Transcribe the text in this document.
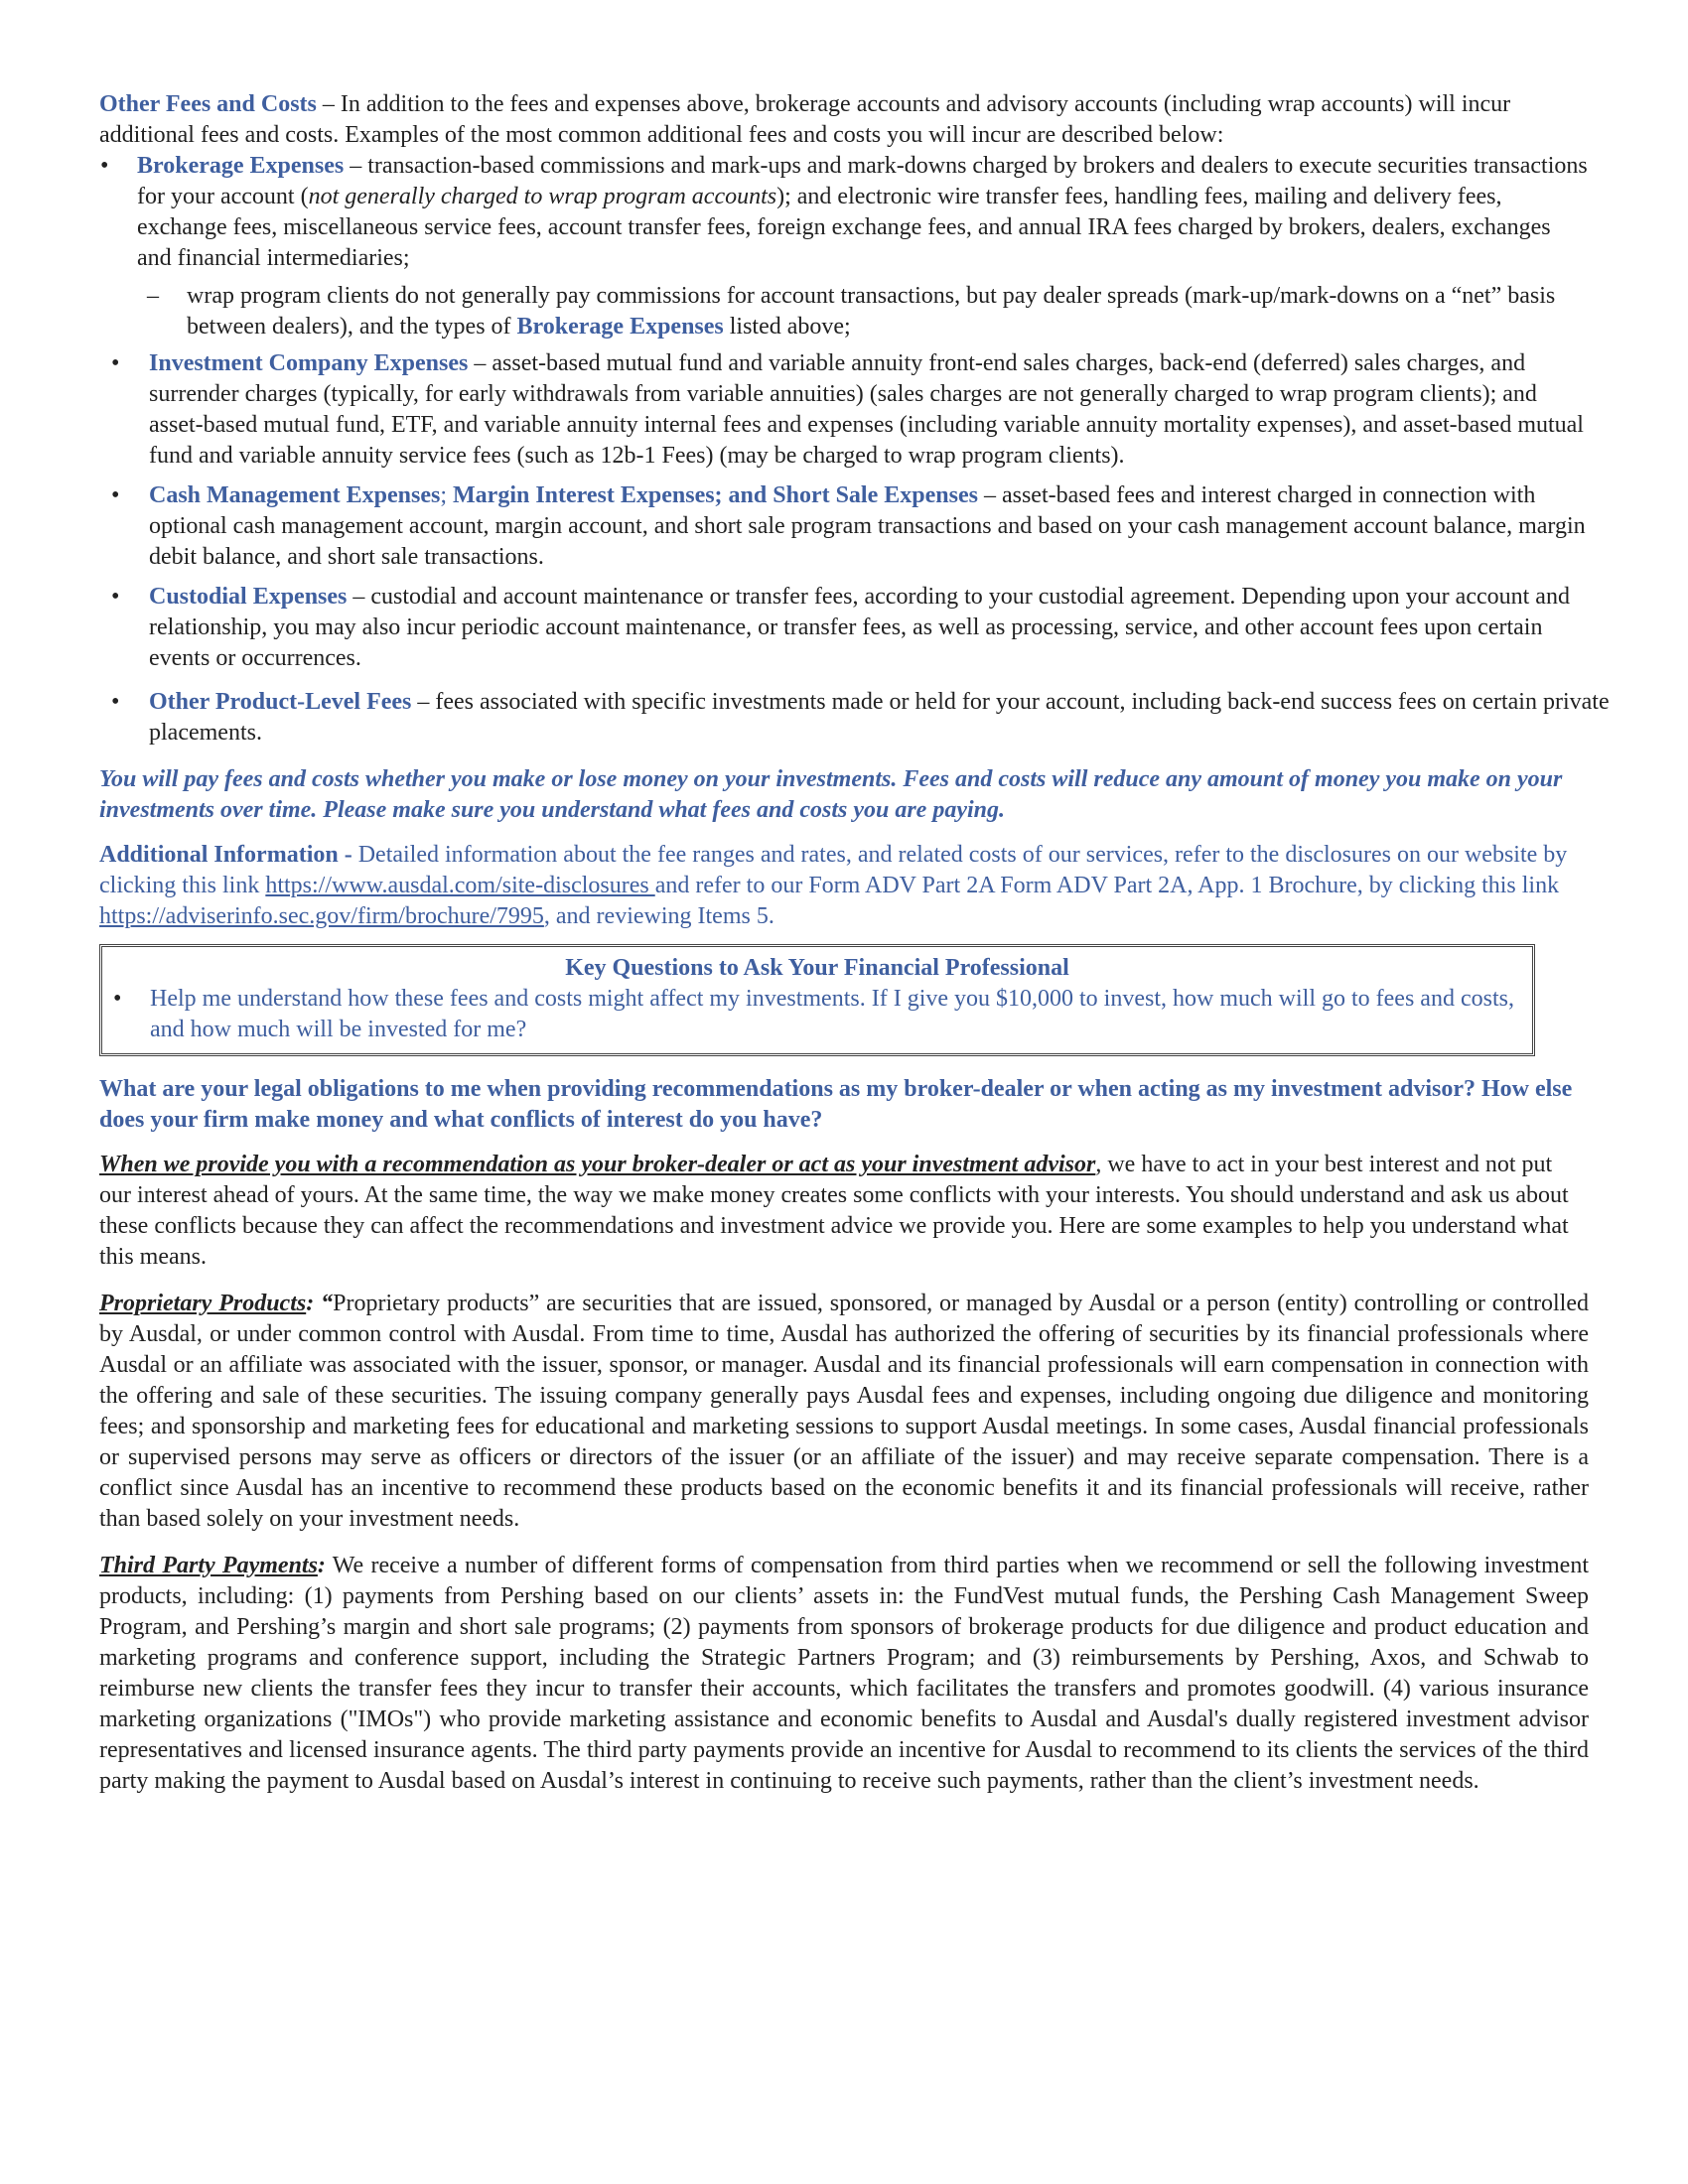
Other Fees and Costs – In addition to the fees and expenses above, brokerage accounts and advisory accounts (including wrap accounts) will incur additional fees and costs. Examples of the most common additional fees and costs you will incur are described below:

• Brokerage Expenses – transaction-based commissions and mark-ups and mark-downs charged by brokers and dealers to execute securities transactions for your account (not generally charged to wrap program accounts); and electronic wire transfer fees, handling fees, mailing and delivery fees, exchange fees, miscellaneous service fees, account transfer fees, foreign exchange fees, and annual IRA fees charged by brokers, dealers, exchanges and financial intermediaries;
– wrap program clients do not generally pay commissions for account transactions, but pay dealer spreads (mark-up/mark-downs on a “net” basis between dealers), and the types of Brokerage Expenses listed above;
• Investment Company Expenses – asset-based mutual fund and variable annuity front-end sales charges, back-end (deferred) sales charges, and surrender charges (typically, for early withdrawals from variable annuities) (sales charges are not generally charged to wrap program clients); and asset-based mutual fund, ETF, and variable annuity internal fees and expenses (including variable annuity mortality expenses), and asset-based mutual fund and variable annuity service fees (such as 12b-1 Fees) (may be charged to wrap program clients).
• Cash Management Expenses; Margin Interest Expenses; and Short Sale Expenses – asset-based fees and interest charged in connection with optional cash management account, margin account, and short sale program transactions and based on your cash management account balance, margin debit balance, and short sale transactions.
• Custodial Expenses – custodial and account maintenance or transfer fees, according to your custodial agreement. Depending upon your account and relationship, you may also incur periodic account maintenance, or transfer fees, as well as processing, service, and other account fees upon certain events or occurrences.
• Other Product-Level Fees – fees associated with specific investments made or held for your account, including back-end success fees on certain private placements.

You will pay fees and costs whether you make or lose money on your investments. Fees and costs will reduce any amount of money you make on your investments over time. Please make sure you understand what fees and costs you are paying.

Additional Information - Detailed information about the fee ranges and rates, and related costs of our services, refer to the disclosures on our website by clicking this link https://www.ausdal.com/site-disclosures and refer to our Form ADV Part 2A Form ADV Part 2A, App. 1 Brochure, by clicking this link https://adviserinfo.sec.gov/firm/brochure/7995, and reviewing Items 5.

Key Questions to Ask Your Financial Professional
• Help me understand how these fees and costs might affect my investments. If I give you $10,000 to invest, how much will go to fees and costs, and how much will be invested for me?

What are your legal obligations to me when providing recommendations as my broker-dealer or when acting as my investment advisor? How else does your firm make money and what conflicts of interest do you have?

When we provide you with a recommendation as your broker-dealer or act as your investment advisor, we have to act in your best interest and not put our interest ahead of yours. At the same time, the way we make money creates some conflicts with your interests. You should understand and ask us about these conflicts because they can affect the recommendations and investment advice we provide you. Here are some examples to help you understand what this means.

Proprietary Products: “Proprietary products” are securities that are issued, sponsored, or managed by Ausdal or a person (entity) controlling or controlled by Ausdal, or under common control with Ausdal. From time to time, Ausdal has authorized the offering of securities by its financial professionals where Ausdal or an affiliate was associated with the issuer, sponsor, or manager. Ausdal and its financial professionals will earn compensation in connection with the offering and sale of these securities. The issuing company generally pays Ausdal fees and expenses, including ongoing due diligence and monitoring fees; and sponsorship and marketing fees for educational and marketing sessions to support Ausdal meetings. In some cases, Ausdal financial professionals or supervised persons may serve as officers or directors of the issuer (or an affiliate of the issuer) and may receive separate compensation. There is a conflict since Ausdal has an incentive to recommend these products based on the economic benefits it and its financial professionals will receive, rather than based solely on your investment needs.

Third Party Payments: We receive a number of different forms of compensation from third parties when we recommend or sell the following investment products, including: (1) payments from Pershing based on our clients’ assets in: the FundVest mutual funds, the Pershing Cash Management Sweep Program, and Pershing’s margin and short sale programs; (2) payments from sponsors of brokerage products for due diligence and product education and marketing programs and conference support, including the Strategic Partners Program; and (3) reimbursements by Pershing, Axos, and Schwab to reimburse new clients the transfer fees they incur to transfer their accounts, which facilitates the transfers and promotes goodwill. (4) various insurance marketing organizations ("IMOs") who provide marketing assistance and economic benefits to Ausdal and Ausdal's dually registered investment advisor representatives and licensed insurance agents. The third party payments provide an incentive for Ausdal to recommend to its clients the services of the third party making the payment to Ausdal based on Ausdal’s interest in continuing to receive such payments, rather than the client’s investment needs.
